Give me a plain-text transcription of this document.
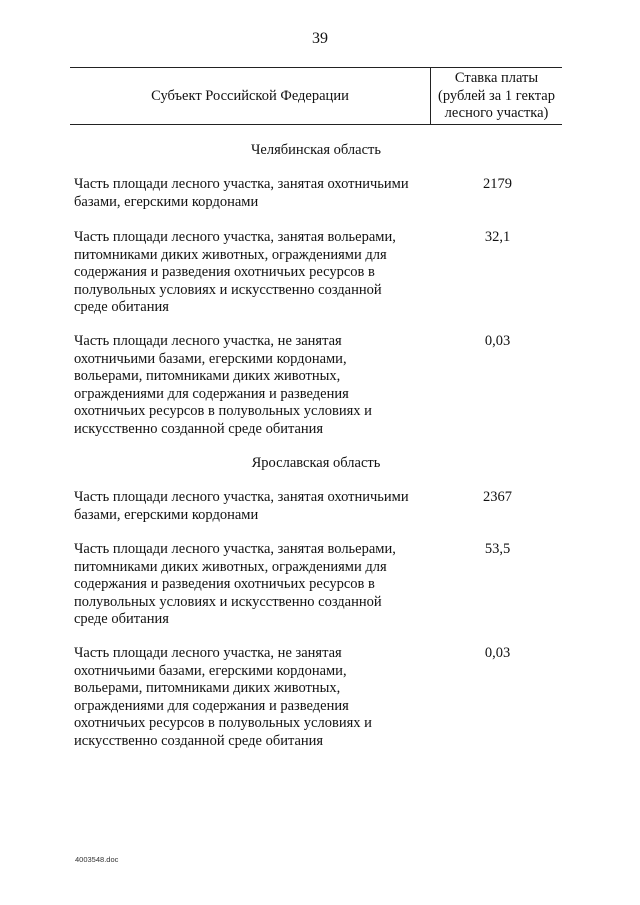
39
Субъект Российской Федерации
Ставка платы
(рублей за 1 гектар
лесного участка)
Челябинская область
Часть площади лесного участка, занятая охотничьими
базами, егерскими кордонами
2179
Часть площади лесного участка, занятая вольерами,
питомниками диких животных, ограждениями для
содержания и разведения охотничьих ресурсов в
полувольных условиях и искусственно созданной
среде обитания
32,1
Часть площади лесного участка, не занятая
охотничьими базами, егерскими кордонами,
вольерами, питомниками диких животных,
ограждениями для содержания и разведения
охотничьих ресурсов в полувольных условиях и
искусственно созданной среде обитания
0,03
Ярославская область
Часть площади лесного участка, занятая охотничьими
базами, егерскими кордонами
2367
Часть площади лесного участка, занятая вольерами,
питомниками диких животных, ограждениями для
содержания и разведения охотничьих ресурсов в
полувольных условиях и искусственно созданной
среде обитания
53,5
Часть площади лесного участка, не занятая
охотничьими базами, егерскими кордонами,
вольерами, питомниками диких животных,
ограждениями для содержания и разведения
охотничьих ресурсов в полувольных условиях и
искусственно созданной среде обитания
0,03
4003548.doc
